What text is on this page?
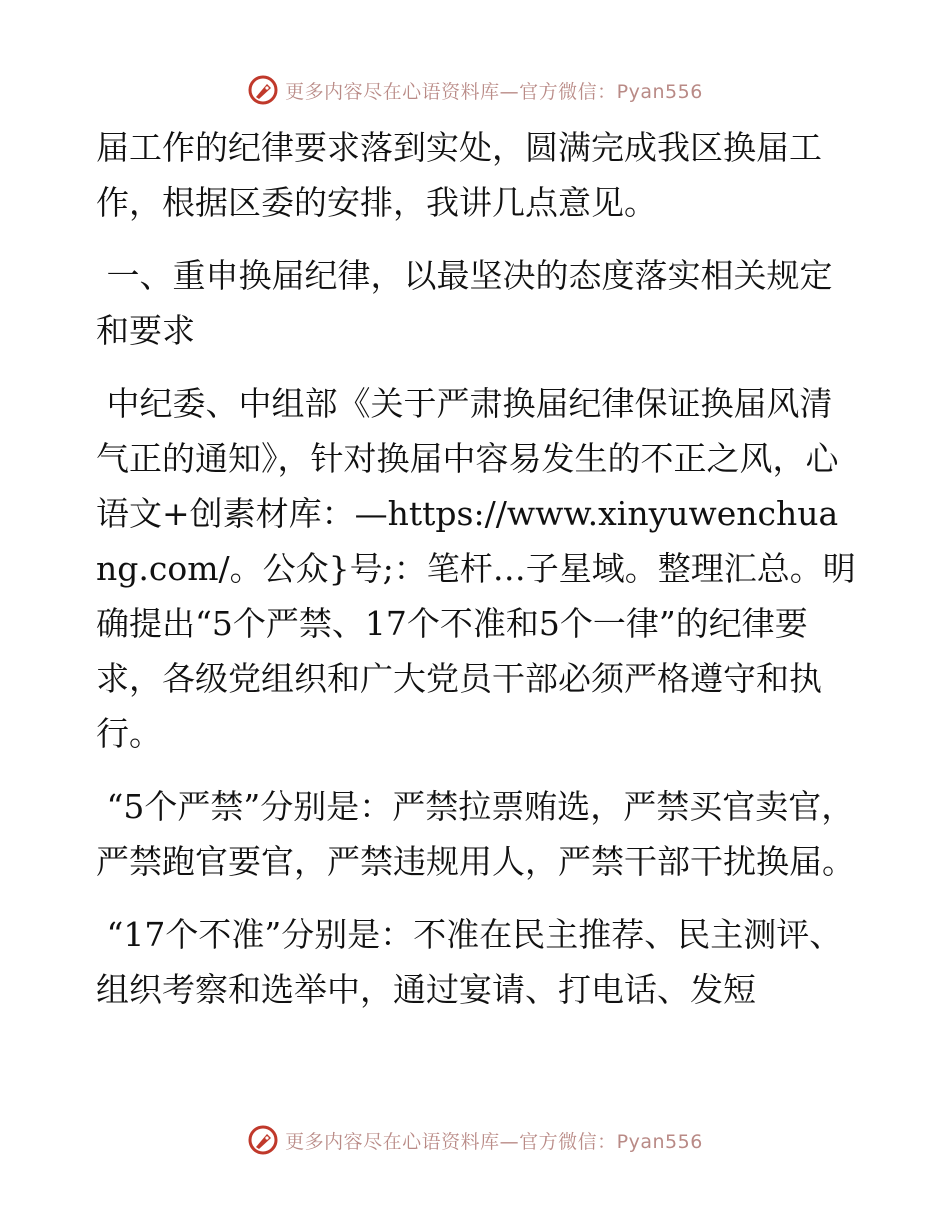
更多内容尽在心语资料库—官方微信：Pyan556

届工作的纪律要求落到实处，圆满完成我区换届工作，根据区委的安排，我讲几点意见。

一、重申换届纪律，以最坚决的态度落实相关规定和要求

中纪委、中组部《关于严肃换届纪律保证换届风清气正的通知》，针对换届中容易发生的不正之风，心语文+创素材库：—https://www.xinyuwenchuang.com/。公众}号;：笔杆…子星域。整理汇总。明确提出“5个严禁、17个不准和5个一律”的纪律要求，各级党组织和广大党员干部必须严格遵守和执行。

“5个严禁”分别是：严禁拉票贿选，严禁买官卖官，严禁跑官要官，严禁违规用人，严禁干部干扰换届。

“17个不准”分别是：不准在民主推荐、民主测评、组织考察和选举中，通过宴请、打电话、发短

更多内容尽在心语资料库—官方微信：Pyan556
